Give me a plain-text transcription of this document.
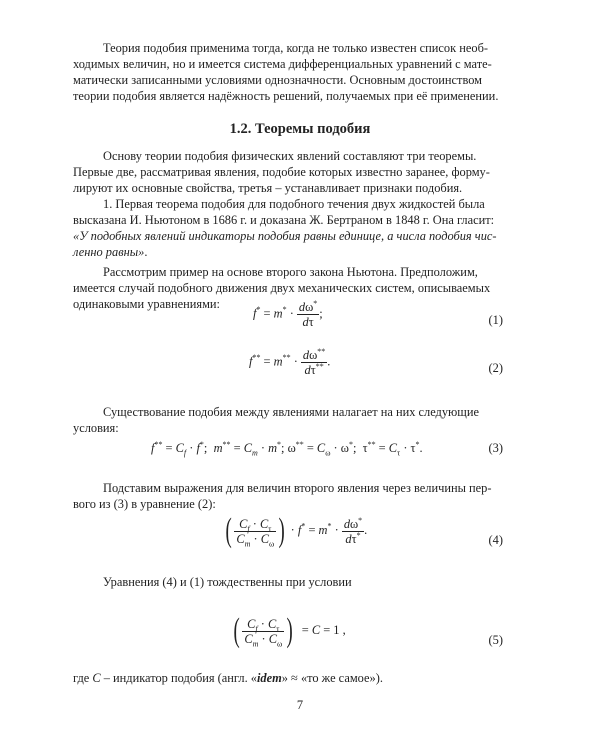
Теория подобия применима тогда, когда не только известен список необ-
ходимых величин, но и имеется система дифференциальных уравнений с мате-
матически записанными условиями однозначности. Основным достоинством
теории подобия является надёжность решений, получаемых при её применении.
1.2. Теоремы подобия
Основу теории подобия физических явлений составляют три теоремы.
Первые две, рассматривая явления, подобие которых известно заранее, форму-
лируют их основные свойства, третья – устанавливает признаки подобия.
1. Первая теорема подобия для подобного течения двух жидкостей была
высказана И. Ньютоном в 1686 г. и доказана Ж. Бертраном в 1848 г. Она гласит:
«У подобных явлений индикаторы подобия равны единице, а числа подобия чис-
ленно равны».
Рассмотрим пример на основе второго закона Ньютона. Предположим,
имеется случай подобного движения двух механических систем, описываемых
одинаковыми уравнениями:
$f^* = m^* \cdot \frac{d\omega^*}{d\tau}$ ;	(1)
$f^{**} = m^{**} \cdot \frac{d\omega^{**}}{d\tau^{**}}$ .	(2)
Существование подобия между явлениями налагает на них следующие
условия:
$f^{**} = C_f \cdot f^*$;  $m^{**} = C_m \cdot m^*$; $\omega^{**} = C_\omega \cdot \omega^*$;  $\tau^{**} = C_\tau \cdot \tau^*$.	(3)
Подставим выражения для величин второго явления через величины пер-
вого из (3) в уравнение (2):
( $\frac{C_f \cdot C_\tau}{C_m \cdot C_\omega}$ ) · $f^* = m^* \cdot \frac{d\omega^*}{d\tau^*}$ .
(4)
Уравнения (4) и (1) тождественны при условии
( $\frac{C_f \cdot C_\tau}{C_m \cdot C_\omega}$ )  = C = 1 ,
(5)
где C – индикатор подобия (англ. «idem» ≈ «то же самое»).
7
